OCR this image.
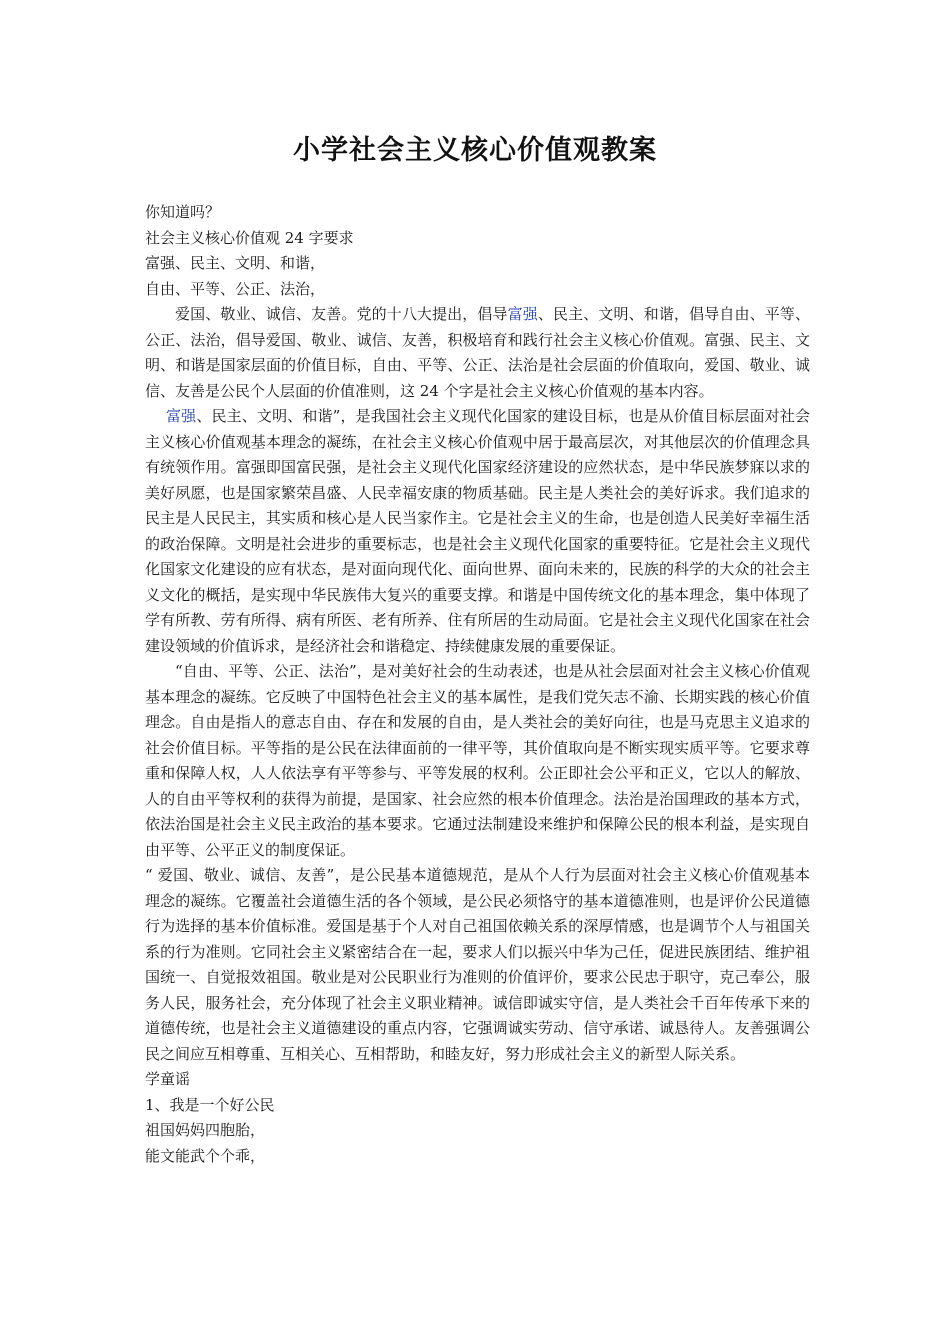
小学社会主义核心价值观教案
你知道吗？
社会主义核心价值观 24 字要求
富强、民主、文明、和谐，
自由、平等、公正、法治，
爱国、敬业、诚信、友善。党的十八大提出，倡导富强、民主、文明、和谐，倡导自由、平等、公正、法治，倡导爱国、敬业、诚信、友善，积极培育和践行社会主义核心价值观。富强、民主、文明、和谐是国家层面的价值目标，自由、平等、公正、法治是社会层面的价值取向，爱国、敬业、诚信、友善是公民个人层面的价值准则，这 24 个字是社会主义核心价值观的基本内容。
富强、民主、文明、和谐”，是我国社会主义现代化国家的建设目标，也是从价值目标层面对社会主义核心价值观基本理念的凝练，在社会主义核心价值观中居于最高层次，对其他层次的价值理念具有统领作用。富强即国富民强，是社会主义现代化国家经济建设的应然状态，是中华民族梦寐以求的美好夙愿，也是国家繁荣昌盛、人民幸福安康的物质基础。民主是人类社会的美好诉求。我们追求的民主是人民民主，其实质和核心是人民当家作主。它是社会主义的生命，也是创造人民美好幸福生活的政治保障。文明是社会进步的重要标志，也是社会主义现代化国家的重要特征。它是社会主义现代化国家文化建设的应有状态，是对面向现代化、面向世界、面向未来的，民族的科学的大众的社会主义文化的概括，是实现中华民族伟大复兴的重要支撑。和谐是中国传统文化的基本理念，集中体现了学有所教、劳有所得、病有所医、老有所养、住有所居的生动局面。它是社会主义现代化国家在社会建设领域的价值诉求，是经济社会和谐稳定、持续健康发展的重要保证。
“自由、平等、公正、法治”，是对美好社会的生动表述，也是从社会层面对社会主义核心价值观基本理念的凝练。它反映了中国特色社会主义的基本属性，是我们党矢志不渝、长期实践的核心价值理念。自由是指人的意志自由、存在和发展的自由，是人类社会的美好向往，也是马克思主义追求的社会价值目标。平等指的是公民在法律面前的一律平等，其价值取向是不断实现实质平等。它要求尊重和保障人权，人人依法享有平等参与、平等发展的权利。公正即社会公平和正义，它以人的解放、人的自由平等权利的获得为前提，是国家、社会应然的根本价值理念。法治是治国理政的基本方式，依法治国是社会主义民主政治的基本要求。它通过法制建设来维护和保障公民的根本利益，是实现自由平等、公平正义的制度保证。
“ 爱国、敬业、诚信、友善”，是公民基本道德规范，是从个人行为层面对社会主义核心价值观基本理念的凝练。它覆盖社会道德生活的各个领域，是公民必须恪守的基本道德准则，也是评价公民道德行为选择的基本价值标准。爱国是基于个人对自己祖国依赖关系的深厚情感，也是调节个人与祖国关系的行为准则。它同社会主义紧密结合在一起，要求人们以振兴中华为己任，促进民族团结、维护祖国统一、自觉报效祖国。敬业是对公民职业行为准则的价值评价，要求公民忠于职守，克己奉公，服务人民，服务社会，充分体现了社会主义职业精神。诚信即诚实守信，是人类社会千百年传承下来的道德传统，也是社会主义道德建设的重点内容，它强调诚实劳动、信守承诺、诚恳待人。友善强调公民之间应互相尊重、互相关心、互相帮助，和睦友好，努力形成社会主义的新型人际关系。
学童谣
1、我是一个好公民
祖国妈妈四胞胎，
能文能武个个乖，
